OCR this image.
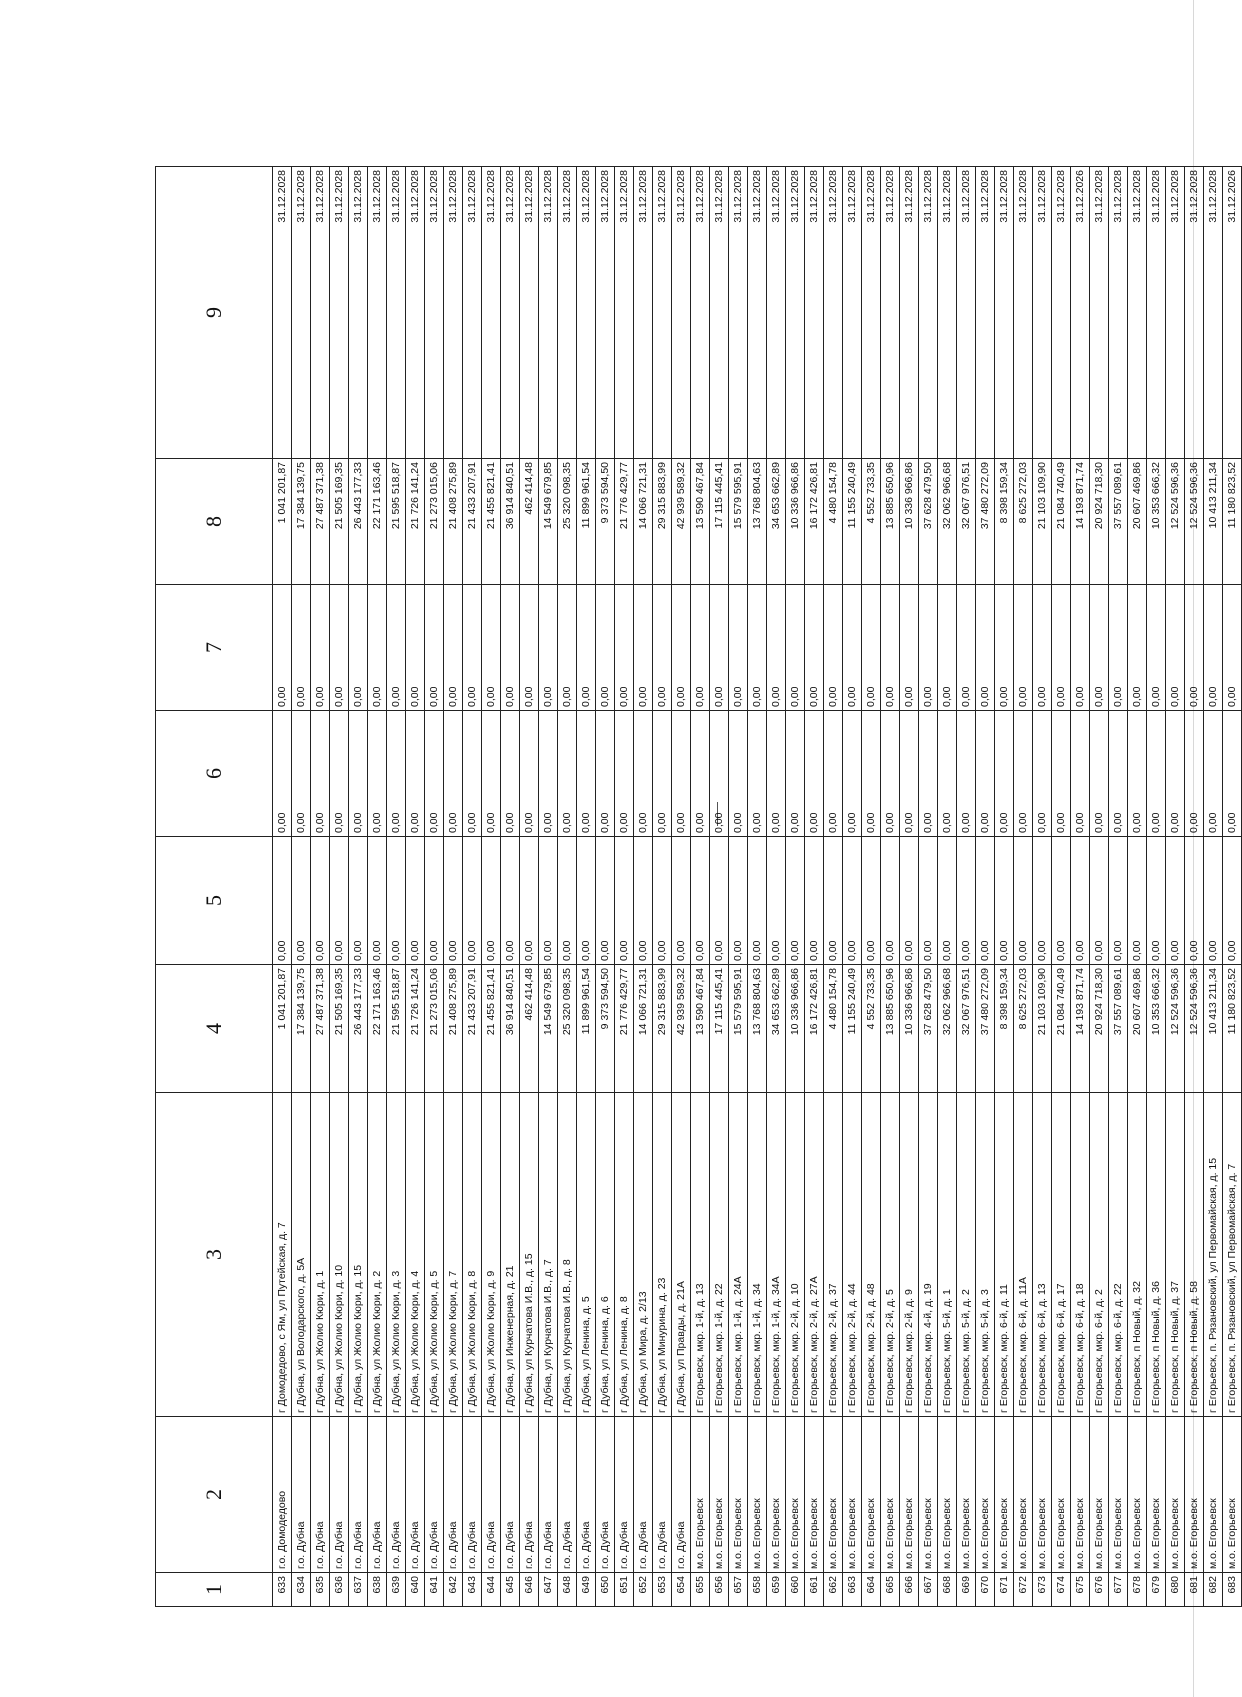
1	2	3	4	5	6	7	8	9
633	г.о. Домодедово	г Домодедово, с Ям, ул Путейская, д. 7	1 041 201,87	0,00	0,00	0,00	1 041 201,87	31.12.2028
634	г.о. Дубна	г Дубна, ул Володарского, д. 5А	17 384 139,75	0,00	0,00	0,00	17 384 139,75	31.12.2028
635	г.о. Дубна	г Дубна, ул Жолио Кюри, д. 1	27 487 371,38	0,00	0,00	0,00	27 487 371,38	31.12.2028
636	г.о. Дубна	г Дубна, ул Жолио Кюри, д. 10	21 505 169,35	0,00	0,00	0,00	21 505 169,35	31.12.2028
637	г.о. Дубна	г Дубна, ул Жолио Кюри, д. 15	26 443 177,33	0,00	0,00	0,00	26 443 177,33	31.12.2028
638	г.о. Дубна	г Дубна, ул Жолио Кюри, д. 2	22 171 163,46	0,00	0,00	0,00	22 171 163,46	31.12.2028
639	г.о. Дубна	г Дубна, ул Жолио Кюри, д. 3	21 595 518,87	0,00	0,00	0,00	21 595 518,87	31.12.2028
640	г.о. Дубна	г Дубна, ул Жолио Кюри, д. 4	21 726 141,24	0,00	0,00	0,00	21 726 141,24	31.12.2028
641	г.о. Дубна	г Дубна, ул Жолио Кюри, д. 5	21 273 015,06	0,00	0,00	0,00	21 273 015,06	31.12.2028
642	г.о. Дубна	г Дубна, ул Жолио Кюри, д. 7	21 408 275,89	0,00	0,00	0,00	21 408 275,89	31.12.2028
643	г.о. Дубна	г Дубна, ул Жолио Кюри, д. 8	21 433 207,91	0,00	0,00	0,00	21 433 207,91	31.12.2028
644	г.о. Дубна	г Дубна, ул Жолио Кюри, д. 9	21 455 821,41	0,00	0,00	0,00	21 455 821,41	31.12.2028
645	г.о. Дубна	г Дубна, ул Инженерная, д. 21	36 914 840,51	0,00	0,00	0,00	36 914 840,51	31.12.2028
646	г.о. Дубна	г Дубна, ул Курчатова И.В., д. 15	462 414,48	0,00	0,00	0,00	462 414,48	31.12.2028
647	г.о. Дубна	г Дубна, ул Курчатова И.В., д. 7	14 549 679,85	0,00	0,00	0,00	14 549 679,85	31.12.2028
648	г.о. Дубна	г Дубна, ул Курчатова И.В., д. 8	25 320 098,35	0,00	0,00	0,00	25 320 098,35	31.12.2028
649	г.о. Дубна	г Дубна, ул Ленина, д. 5	11 899 961,54	0,00	0,00	0,00	11 899 961,54	31.12.2028
650	г.о. Дубна	г Дубна, ул Ленина, д. 6	9 373 594,50	0,00	0,00	0,00	9 373 594,50	31.12.2028
651	г.о. Дубна	г Дубна, ул Ленина, д. 8	21 776 429,77	0,00	0,00	0,00	21 776 429,77	31.12.2028
652	г.о. Дубна	г Дубна, ул Мира, д. 2/13	14 066 721,31	0,00	0,00	0,00	14 066 721,31	31.12.2028
653	г.о. Дубна	г Дубна, ул Минурина, д. 23	29 315 883,99	0,00	0,00	0,00	29 315 883,99	31.12.2028
654	г.о. Дубна	г Дубна, ул Правды, д. 21А	42 939 589,32	0,00	0,00	0,00	42 939 589,32	31.12.2028
655	м.о. Егорьевск	г Егорьевск, мкр. 1-й, д. 13	13 590 467,84	0,00	0,00	0,00	13 590 467,84	31.12.2028
656	м.о. Егорьевск	г Егорьевск, мкр. 1-й, д. 22	17 115 445,41	0,00	0,00	0,00	17 115 445,41	31.12.2028
657	м.о. Егорьевск	г Егорьевск, мкр. 1-й, д. 24А	15 579 595,91	0,00	0,00	0,00	15 579 595,91	31.12.2028
658	м.о. Егорьевск	г Егорьевск, мкр. 1-й, д. 34	13 768 804,63	0,00	0,00	0,00	13 768 804,63	31.12.2028
659	м.о. Егорьевск	г Егорьевск, мкр. 1-й, д. 34А	34 653 662,89	0,00	0,00	0,00	34 653 662,89	31.12.2028
660	м.о. Егорьевск	г Егорьевск, мкр. 2-й, д. 10	10 336 966,86	0,00	0,00	0,00	10 336 966,86	31.12.2028
661	м.о. Егорьевск	г Егорьевск, мкр. 2-й, д. 27А	16 172 426,81	0,00	0,00	0,00	16 172 426,81	31.12.2028
662	м.о. Егорьевск	г Егорьевск, мкр. 2-й, д. 37	4 480 154,78	0,00	0,00	0,00	4 480 154,78	31.12.2028
663	м.о. Егорьевск	г Егорьевск, мкр. 2-й, д. 44	11 155 240,49	0,00	0,00	0,00	11 155 240,49	31.12.2028
664	м.о. Егорьевск	г Егорьевск, мкр. 2-й, д. 48	4 552 733,35	0,00	0,00	0,00	4 552 733,35	31.12.2028
665	м.о. Егорьевск	г Егорьевск, мкр. 2-й, д. 5	13 885 650,96	0,00	0,00	0,00	13 885 650,96	31.12.2028
666	м.о. Егорьевск	г Егорьевск, мкр. 2-й, д. 9	10 336 966,86	0,00	0,00	0,00	10 336 966,86	31.12.2028
667	м.о. Егорьевск	г Егорьевск, мкр. 4-й, д. 19	37 628 479,50	0,00	0,00	0,00	37 628 479,50	31.12.2028
668	м.о. Егорьевск	г Егорьевск, мкр. 5-й, д. 1	32 062 966,68	0,00	0,00	0,00	32 062 966,68	31.12.2028
669	м.о. Егорьевск	г Егорьевск, мкр. 5-й, д. 2	32 067 976,51	0,00	0,00	0,00	32 067 976,51	31.12.2028
670	м.о. Егорьевск	г Егорьевск, мкр. 5-й, д. 3	37 480 272,09	0,00	0,00	0,00	37 480 272,09	31.12.2028
671	м.о. Егорьевск	г Егорьевск, мкр. 6-й, д. 11	8 398 159,34	0,00	0,00	0,00	8 398 159,34	31.12.2028
672	м.о. Егорьевск	г Егорьевск, мкр. 6-й, д. 11А	8 625 272,03	0,00	0,00	0,00	8 625 272,03	31.12.2028
673	м.о. Егорьевск	г Егорьевск, мкр. 6-й, д. 13	21 103 109,90	0,00	0,00	0,00	21 103 109,90	31.12.2028
674	м.о. Егорьевск	г Егорьевск, мкр. 6-й, д. 17	21 084 740,49	0,00	0,00	0,00	21 084 740,49	31.12.2028
675	м.о. Егорьевск	г Егорьевск, мкр. 6-й, д. 18	14 193 871,74	0,00	0,00	0,00	14 193 871,74	31.12.2026
676	м.о. Егорьевск	г Егорьевск, мкр. 6-й, д. 2	20 924 718,30	0,00	0,00	0,00	20 924 718,30	31.12.2028
677	м.о. Егорьевск	г Егорьевск, мкр. 6-й, д. 22	37 557 089,61	0,00	0,00	0,00	37 557 089,61	31.12.2028
678	м.о. Егорьевск	г Егорьевск, п Новый, д. 32	20 607 469,86	0,00	0,00	0,00	20 607 469,86	31.12.2028
679	м.о. Егорьевск	г Егорьевск, п Новый, д. 36	10 353 666,32	0,00	0,00	0,00	10 353 666,32	31.12.2028
680	м.о. Егорьевск	г Егорьевск, п Новый, д. 37	12 524 596,36	0,00	0,00	0,00	12 524 596,36	31.12.2028
681	м.о. Егорьевск	г Егорьевск, п Новый, д. 58	12 524 596,36	0,00	0,00	0,00	12 524 596,36	31.12.2028
682	м.о. Егорьевск	г Егорьевск, п. Рязановский, ул Первомайская, д. 15	10 413 211,34	0,00	0,00	0,00	10 413 211,34	31.12.2028
683	м.о. Егорьевск	г Егорьевск, п. Рязановский, ул Первомайская, д. 7	11 180 823,52	0,00	0,00	0,00	11 180 823,52	31.12.2026
